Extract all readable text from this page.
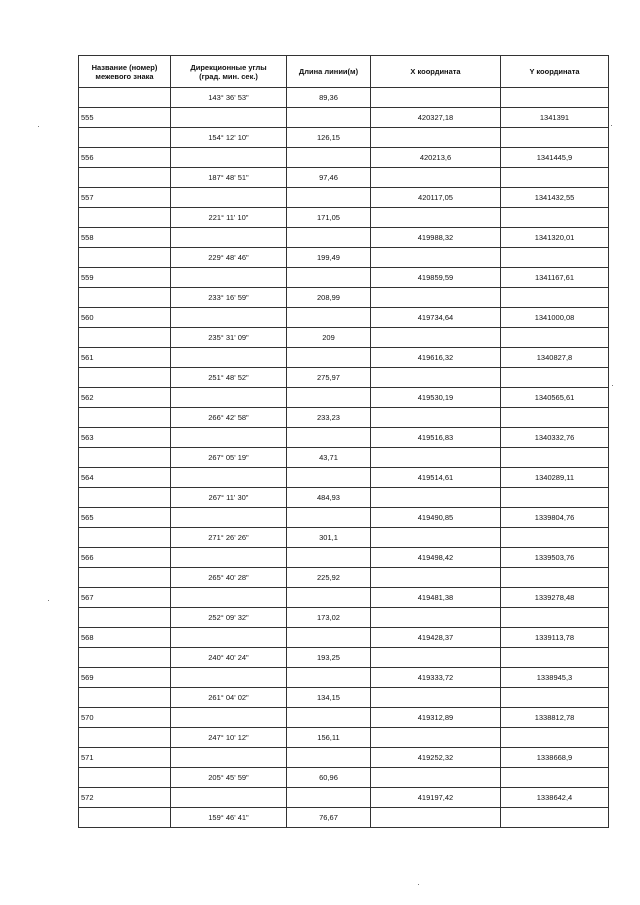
Название (номер) межевого знака	Дирекционные углы
(град. мин. сек.)	Длина линии(м)	X координата	Y координата
	143° 36' 53"	89,36		
555			420327,18	1341391
	154° 12' 10"	126,15		
556			420213,6	1341445,9
	187° 48' 51"	97,46		
557			420117,05	1341432,55
	221° 11' 10"	171,05		
558			419988,32	1341320,01
	229° 48' 46"	199,49		
559			419859,59	1341167,61
	233° 16' 59"	208,99		
560			419734,64	1341000,08
	235° 31' 09"	209		
561			419616,32	1340827,8
	251° 48' 52"	275,97		
562			419530,19	1340565,61
	266° 42' 58"	233,23		
563			419516,83	1340332,76
	267° 05' 19"	43,71		
564			419514,61	1340289,11
	267° 11' 30"	484,93		
565			419490,85	1339804,76
	271° 26' 26"	301,1		
566			419498,42	1339503,76
	265° 40' 28"	225,92		
567			419481,38	1339278,48
	252° 09' 32"	173,02		
568			419428,37	1339113,78
	240° 40' 24"	193,25		
569			419333,72	1338945,3
	261° 04' 02"	134,15		
570			419312,89	1338812,78
	247° 10' 12"	156,11		
571			419252,32	1338668,9
	205° 45' 59"	60,96		
572			419197,42	1338642,4
	159° 46' 41"	76,67		
